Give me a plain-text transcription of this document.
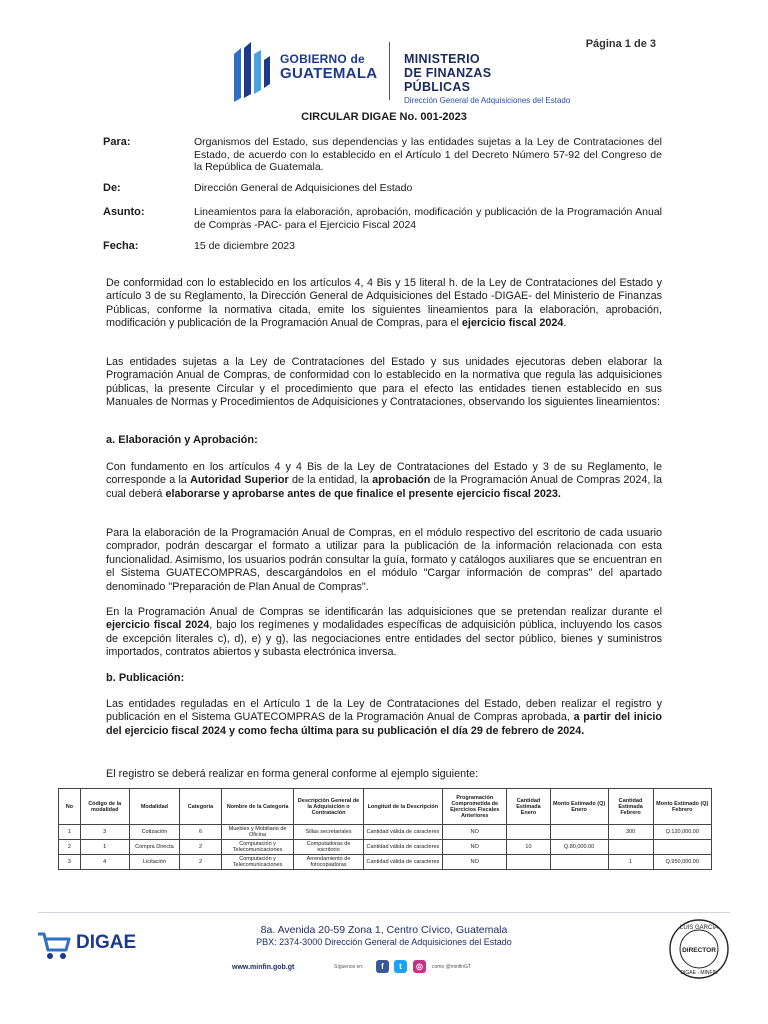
Página 1 de 3
GOBIERNO de
GUATEMALA
MINISTERIO
DE FINANZAS
PÚBLICAS
Dirección General de Adquisiciones del Estado
CIRCULAR DIGAE No. 001-2023
Para:	Organismos del Estado, sus dependencias y las entidades sujetas a la Ley de Contrataciones del Estado, de acuerdo con lo establecido en el Artículo 1 del Decreto Número 57-92 del Congreso de la República de Guatemala.
De:	Dirección General de Adquisiciones del Estado
Asunto:	Lineamientos para la elaboración, aprobación, modificación y publicación de la Programación Anual de Compras -PAC- para el Ejercicio Fiscal 2024
Fecha:	15 de diciembre 2023
De conformidad con lo establecido en los artículos 4, 4 Bis y 15 literal h. de la Ley de Contrataciones del Estado y artículo 3 de su Reglamento, la Dirección General de Adquisiciones del Estado -DIGAE- del Ministerio de Finanzas Públicas, conforme la normativa citada, emite los siguientes lineamientos para la elaboración, aprobación, modificación y publicación de la Programación Anual de Compras, para el ejercicio fiscal 2024.
Las entidades sujetas a la Ley de Contrataciones del Estado y sus unidades ejecutoras deben elaborar la Programación Anual de Compras, de conformidad con lo establecido en la normativa que regula las adquisiciones públicas, la presente Circular y el procedimiento que para el efecto las entidades tienen establecido en sus Manuales de Normas y Procedimientos de Adquisiciones y Contrataciones, observando los siguientes lineamientos:
a. Elaboración y Aprobación:
Con fundamento en los artículos 4 y 4 Bis de la Ley de Contrataciones del Estado y 3 de su Reglamento, le corresponde a la Autoridad Superior de la entidad, la aprobación de la Programación Anual de Compras 2024, la cual deberá elaborarse y aprobarse antes de que finalice el presente ejercicio fiscal 2023.
Para la elaboración de la Programación Anual de Compras, en el módulo respectivo del escritorio de cada usuario comprador, podrán descargar el formato a utilizar para la publicación de la información relacionada con esta funcionalidad. Asimismo, los usuarios podrán consultar la guía, formato y catálogos auxiliares que se encuentran en el Sistema GUATECOMPRAS, descargándolos en el módulo "Cargar información de compras" del apartado denominado "Preparación de Plan Anual de Compras".
En la Programación Anual de Compras se identificarán las adquisiciones que se pretendan realizar durante el ejercicio fiscal 2024, bajo los regímenes y modalidades específicas de adquisición pública, incluyendo los casos de excepción literales c), d), e) y g), las negociaciones entre entidades del sector público, bienes y suministros importados, contratos abiertos y subasta electrónica inversa.
b. Publicación:
Las entidades reguladas en el Artículo 1 de la Ley de Contrataciones del Estado, deben realizar el registro y publicación en el Sistema GUATECOMPRAS de la Programación Anual de Compras aprobada, a partir del inicio del ejercicio fiscal 2024 y como fecha última para su publicación el día 29 de febrero de 2024.
El registro se deberá realizar en forma general conforme al ejemplo siguiente:
No	Código de la modalidad	Modalidad	Categoría	Nombre de la Categoría	Descripción General de la Adquisición o Contratación	Longitud de la Descripción	Programación Comprometida de Ejercicios Fiscales Anteriores	Cantidad Estimada Enero	Monto Estimado (Q) Enero	Cantidad Estimada Febrero	Monto Estimado (Q) Febrero
1	3	Cotización	6	Muebles y Mobiliario de Oficina	Sillas secretariales	Cantidad válida de caracteres	NO			300	Q.120,000.00
2	1	Compra Directa	2	Computación y Telecomunicaciones	Computadoras de escritorio	Cantidad válida de caracteres	NO	10	Q.80,000.00		
3	4	Licitación	2	Computación y Telecomunicaciones	Arrendamiento de fotocopiadoras	Cantidad válida de caracteres	NO			1	Q.950,000.00
8a. Avenida 20-59 Zona 1, Centro Cívico, Guatemala
PBX: 2374-3000 Dirección General de Adquisiciones del Estado
DIGAE
www.minfin.gob.gt	Síguenos en:	f	t	◎	como @minfinGT
LUIS GARCÍA
DIRECTOR
DIGAE - MINFIN
